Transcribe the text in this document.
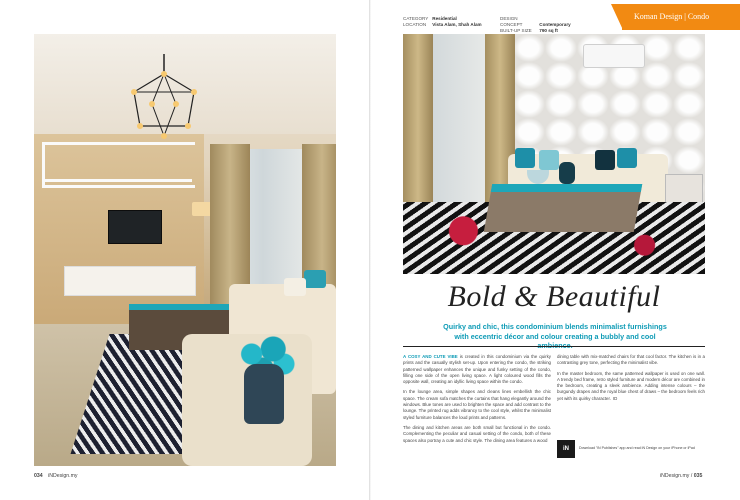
CATEGORY Residential
LOCATION Vista Alam, Shah Alam
DESIGN CONCEPT	Contemporary
BUILT-UP SIZE 790 sq ft
Koman Design | Condo
Bold & Beautiful
Quirky and chic, this condominium blends minimalist furnishings with eccentric décor and colour creating a bubbly and cool

A COSY AND CUTE VIBE is created in this condominium via the quirky prints and the casually stylish set-up. Upon entering the condo, the striking patterned wallpaper enhances the unique and funky setting of the condo, filling one side of the open living space. A light coloured wood fills the opposite wall, creating an idyllic living space within the condo.

In the lounge area, simple shapes and cleans lines embellish the chic space. The cream sofa matches the curtains that hang elegantly around the windows. Blue tones are used to brighten the space and add contrast to the lounge. The printed rug adds vibrancy to the cool style, whilst the minimalist styled furniture balances the loud prints and patterns.

The dining and kitchen areas are both small but functional in the condo. Complementing the peculiar and casual setting of the condo, both of these spaces also portray a cute and chic style. The dining area features a wood

dining table with mix-matched chairs for that cool factor. The kitchen is in a contrasting grey tone, perfecting the minimalist vibe.

In the master bedroom, the same patterned wallpaper is used on one wall. A trendy bed frame, retro styled furniture and modern décor are combined in the bedroom, creating a sleek ambience. Adding intense colours – the burgundy drapes and the royal blue chest of draws – the bedroom feels rich yet with its quirky character. ID

iN	Download "iN Publishes" app and read iN Design on your iPhone or iPad
034 iNDesign.my	iNDesign.my / 035
